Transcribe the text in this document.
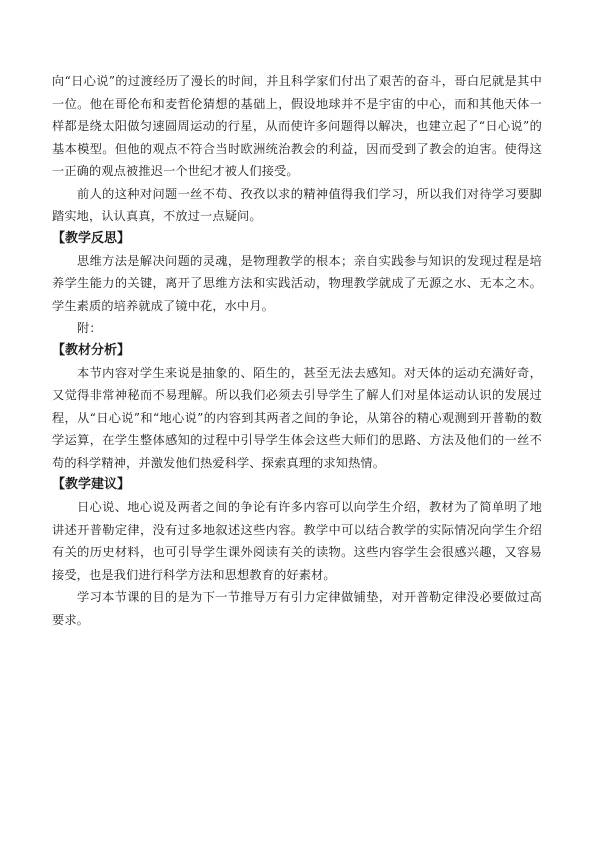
向“日心说”的过渡经历了漫长的时间，并且科学家们付出了艰苦的奋斗，哥白尼就是其中一位。他在哥伦布和麦哲伦猜想的基础上，假设地球并不是宇宙的中心，而和其他天体一样都是绕太阳做匀速圆周运动的行星，从而使许多问题得以解决，也建立起了“日心说”的基本模型。但他的观点不符合当时欧洲统治教会的利益，因而受到了教会的迫害。使得这一正确的观点被推迟一个世纪才被人们接受。

前人的这种对问题一丝不苟、孜孜以求的精神值得我们学习，所以我们对待学习要脚踏实地，认认真真，不放过一点疑问。

【教学反思】

思维方法是解决问题的灵魂，是物理教学的根本；亲自实践参与知识的发现过程是培养学生能力的关键，离开了思维方法和实践活动，物理教学就成了无源之水、无本之木。学生素质的培养就成了镜中花，水中月。

附：

【教材分析】

本节内容对学生来说是抽象的、陌生的，甚至无法去感知。对天体的运动充满好奇，又觉得非常神秘而不易理解。所以我们必须去引导学生了解人们对星体运动认识的发展过程，从“日心说”和“地心说”的内容到其两者之间的争论，从第谷的精心观测到开普勒的数学运算，在学生整体感知的过程中引导学生体会这些大师们的思路、方法及他们的一丝不苟的科学精神，并激发他们热爱科学、探索真理的求知热情。

【教学建议】

日心说、地心说及两者之间的争论有许多内容可以向学生介绍，教材为了简单明了地讲述开普勒定律，没有过多地叙述这些内容。教学中可以结合教学的实际情况向学生介绍有关的历史材料，也可引导学生课外阅读有关的读物。这些内容学生会很感兴趣，又容易接受，也是我们进行科学方法和思想教育的好素材。

学习本节课的目的是为下一节推导万有引力定律做铺垫，对开普勒定律没必要做过高要求。
